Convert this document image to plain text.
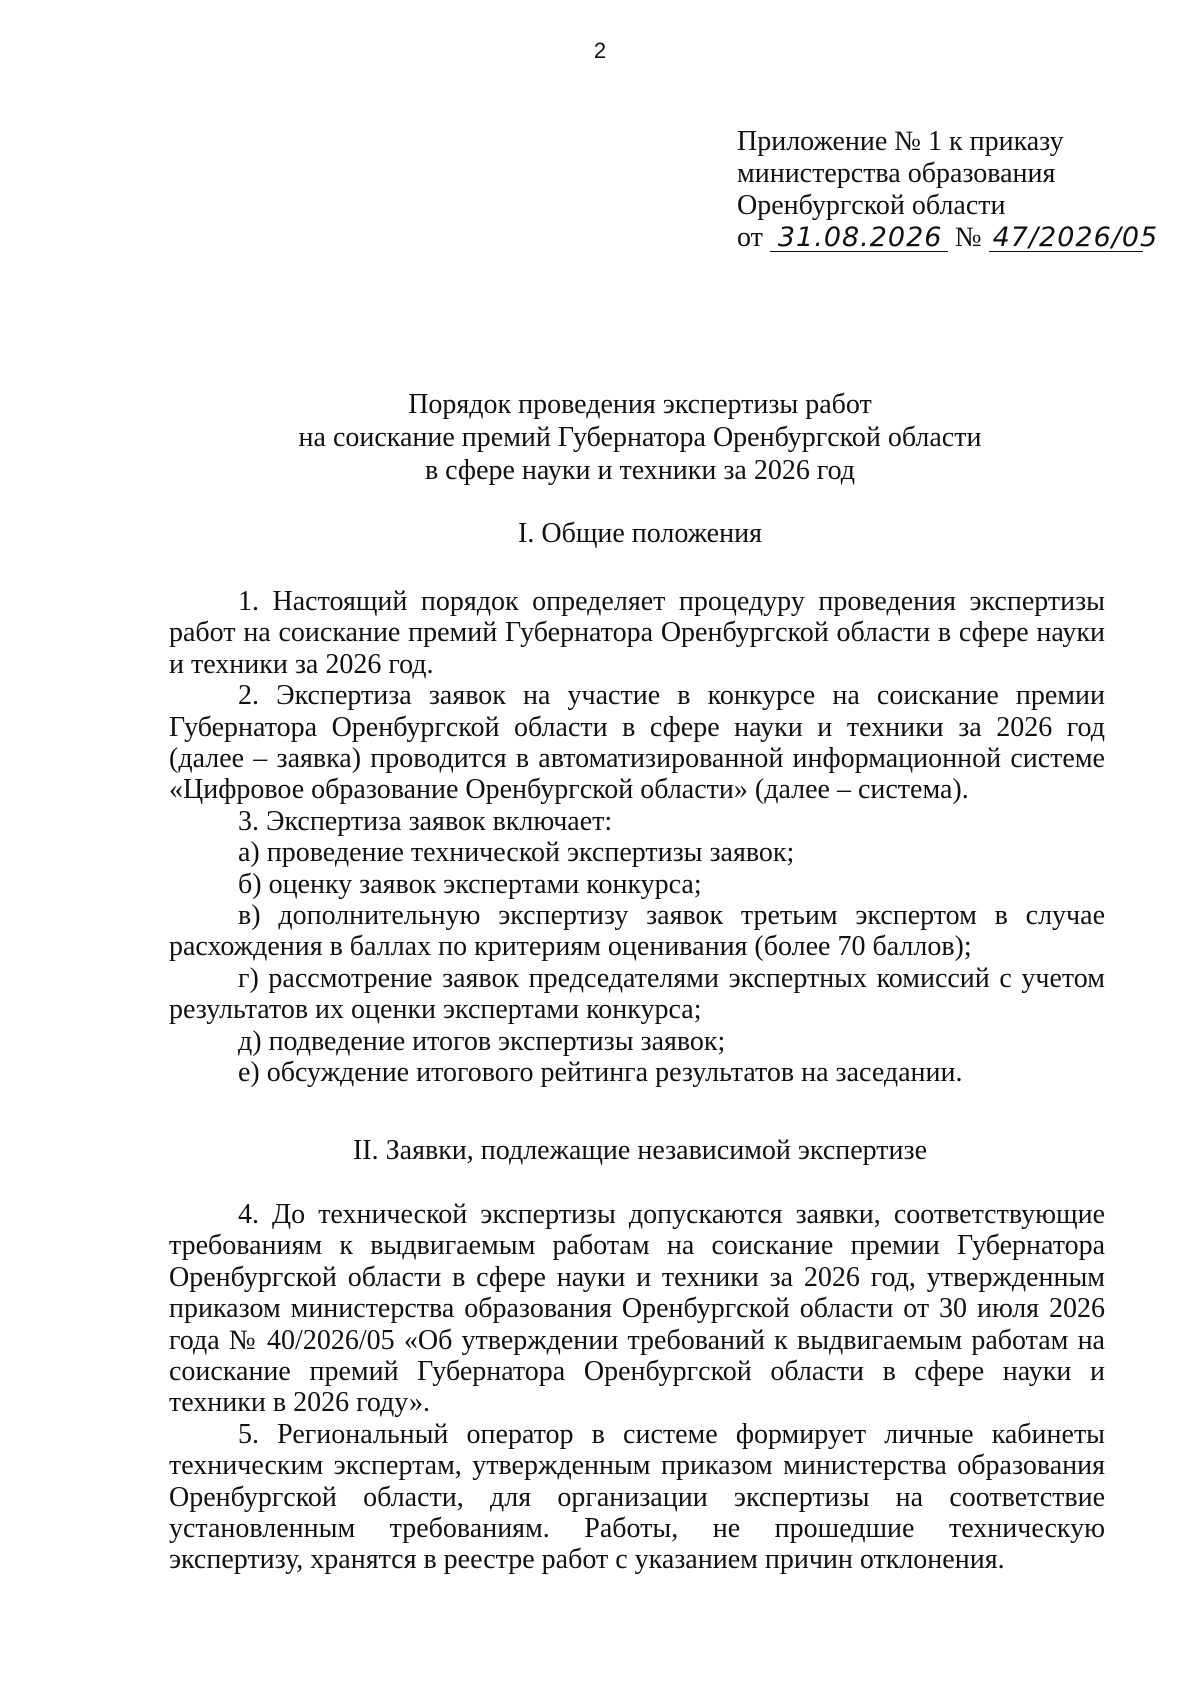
2
Приложение № 1 к приказу
министерства образования
Оренбургской области
от 31.08.2026 № 47/2026/05
Порядок проведения экспертизы работ
на соискание премий Губернатора Оренбургской области
в сфере науки и техники за 2026 год
I. Общие положения

1. Настоящий порядок определяет процедуру проведения экспертизы работ на соискание премий Губернатора Оренбургской области в сфере науки и техники за 2026 год.

2. Экспертиза заявок на участие в конкурсе на соискание премии Губернатора Оренбургской области в сфере науки и техники за 2026 год (далее – заявка) проводится в автоматизированной информационной системе «Цифровое образование Оренбургской области» (далее – система).

3. Экспертиза заявок включает:

а) проведение технической экспертизы заявок;

б) оценку заявок экспертами конкурса;

в) дополнительную экспертизу заявок третьим экспертом в случае расхождения в баллах по критериям оценивания (более 70 баллов);

г) рассмотрение заявок председателями экспертных комиссий с учетом результатов их оценки экспертами конкурса;

д) подведение итогов экспертизы заявок;

е) обсуждение итогового рейтинга результатов на заседании.

II. Заявки, подлежащие независимой экспертизе

4. До технической экспертизы допускаются заявки, соответствующие требованиям к выдвигаемым работам на соискание премии Губернатора Оренбургской области в сфере науки и техники за 2026 год, утвержденным приказом министерства образования Оренбургской области от 30 июля 2026 года № 40/2026/05 «Об утверждении требований к выдвигаемым работам на соискание премий Губернатора Оренбургской области в сфере науки и техники в 2026 году».

5. Региональный оператор в системе формирует личные кабинеты техническим экспертам, утвержденным приказом министерства образования Оренбургской области, для организации экспертизы на соответствие установленным требованиям. Работы, не прошедшие техническую экспертизу, хранятся в реестре работ с указанием причин отклонения.
